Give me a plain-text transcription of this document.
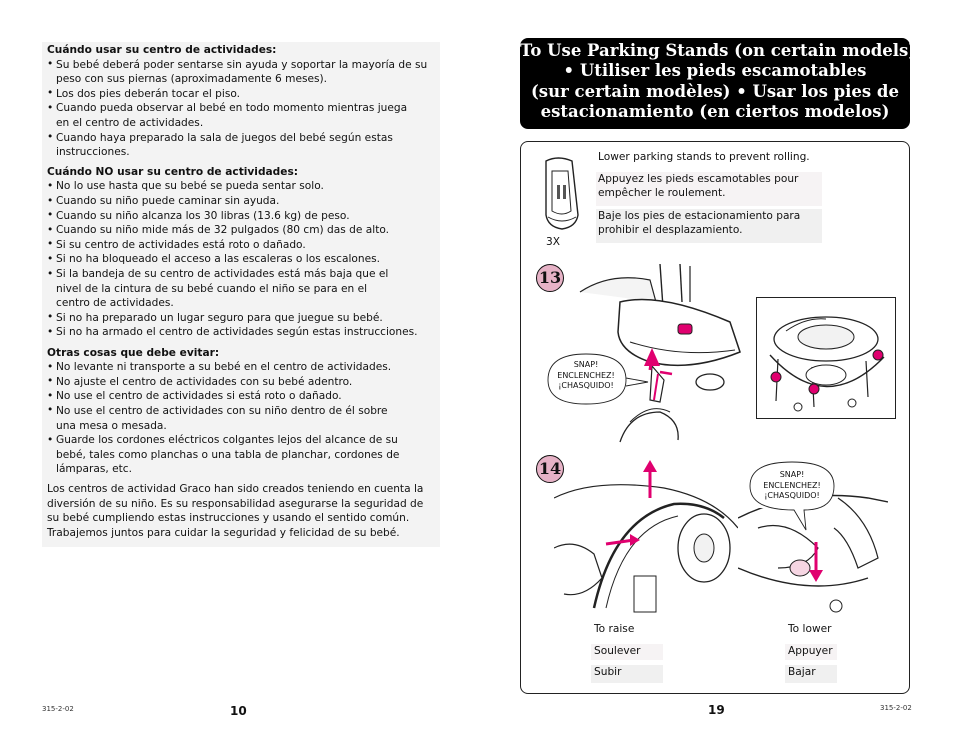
Cuándo usar su centro de actividades:
• Su bebé deberá poder sentarse sin ayuda y soportar la mayoría de su
peso con sus piernas (aproximadamente 6 meses).
• Los dos pies deberán tocar el piso.
• Cuando pueda observar al bebé en todo momento mientras juega
en el centro de actividades.
• Cuando haya preparado la sala de juegos del bebé según estas
instrucciones.
Cuándo NO usar su centro de actividades:
• No lo use hasta que su bebé se pueda sentar solo.
• Cuando su niño puede caminar sin ayuda.
• Cuando su niño alcanza los 30 libras (13.6 kg) de peso.
• Cuando su niño mide más de 32 pulgados (80 cm) das de alto.
• Si su centro de actividades está roto o dañado.
• Si no ha bloqueado el acceso a las escaleras o los escalones.
• Si la bandeja de su centro de actividades está más baja que el
nivel de la cintura de su bebé cuando el niño se para en el
centro de actividades.
• Si no ha preparado un lugar seguro para que juegue su bebé.
• Si no ha armado el centro de actividades según estas instrucciones.
Otras cosas que debe evitar:
• No levante ni transporte a su bebé en el centro de actividades.
• No ajuste el centro de actividades con su bebé adentro.
• No use el centro de actividades si está roto o dañado.
• No use el centro de actividades con su niño dentro de él sobre
una mesa o mesada.
• Guarde los cordones eléctricos colgantes lejos del alcance de su
bebé, tales como planchas o una tabla de planchar, cordones de
lámparas, etc.
Los centros de actividad Graco han sido creados teniendo en cuenta la
diversión de su niño. Es su responsabilidad asegurarse la seguridad de
su bebé cumpliendo estas instrucciones y usando el sentido común.
Trabajemos juntos para cuidar la seguridad y felicidad de su bebé.
315-2-02	10
To Use Parking Stands (on certain models)
• Utiliser les pieds escamotables
(sur certain modèles) • Usar los pies de
estacionamiento (en ciertos modelos)
3X
Lower parking stands to prevent rolling.
Appuyez les pieds escamotables pour
empêcher le roulement.
Baje los pies de estacionamiento para
prohibir el desplazamiento.
13
SNAP!
ENCLENCHEZ!
¡CHASQUIDO!
14	SNAP!
ENCLENCHEZ!
¡CHASQUIDO!
To raise
Soulever
Subir
To lower
Appuyer
Bajar
19	315-2-02
